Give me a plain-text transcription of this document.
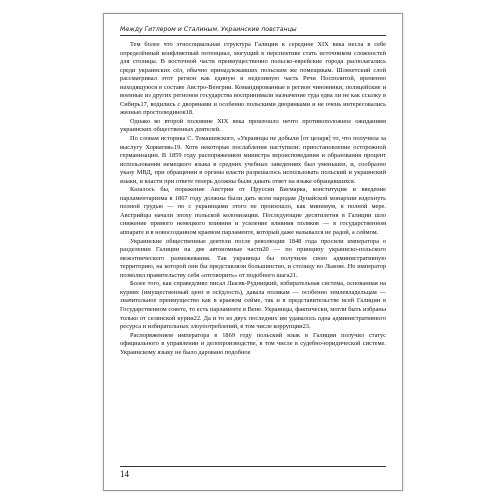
Между Гитлером и Сталиным. Украинские повстанцы

Тем более что этносоциальная структура Галиции к середине XIX века несла в себе определённый конфликтный потенциал, могущий в перспективе стать источником сложностей для столицы. В восточной части преимущественно польско-еврейские города располагались среди украинских сёл, обычно принадлежавших польским же помещикам. Шляхетский слой рассматривал этот регион как единую и неделимую часть Речи Посполитой, временно находящуюся в составе Австро-Венгрии. Командированные в регион чиновники, полицейские и военные из других регионов государства воспринимали назначение туда едва ли не как ссылку в Сибирь17, водились с дворянами и особенно польскими дворянками и не очень интересовались жизнью простолюдинов18.

Однако во второй половине XIX века произошло нечто противоположное ожиданиям украинских общественных деятелей.

По словам историка С. Томашевского, «Украинцы не добыли [от цезаря] то, что получила за выслугу Хорватия»19. Хотя некоторые послабления наступили: приостановление осторожной германизации. В 1859 году распоряжением министра вероисповедания и образования процент использования немецкого языка в средних учебных заведениях был уменьшен, и, сообразно указу МВД, при обращении в органы власти разрешалось использовать польский и украинский языки, и власти при ответе теперь должны были давать ответ на языке обращавшихся.

Казалось бы, поражение Австрии от Пруссии Бисмарка, конституция и введение парламентаризма в 1867 году должны были дать всем народам Дунайской монархии вздохнуть полной грудью — по с украинцами этого не произошло, как минимум, в полной мере. Австрийцы начали эпоху польской колонизации. Последующие десятилетия в Галиции шло снижение прямого немецкого влияния и усиление влияния поляков — в государственном аппарате и в новосозданном краевом парламенте, который даже назывался не радой, а сеймом.

Украинские общественные деятели после революции 1848 года просили императора о разделении Галиции на две автономные части20 — по принципу украинско-польского межэтнического размежевания. Так украинцы бы получили свою административную территорию, на которой они бы представляли большинство, и столицу во Львове. Но император позволил правительству себя «отговорить» от подобного шага21.

Более того, как справедливо писал Лысяк-Рудницкий, избирательная система, основанная на куриях (имущественный ценз и осёдлость), давала полякам — особенно землевладельцам — значительное преимущество как в краевом сейме, так и в представительстве всей Галиции в Государственном совете, то есть парламенте в Вене. Украинцы, фактически, могли быть избраны только от селянской курии22. Да и то из двух последних им удавалось одна административного ресурса и избирательных злоупотреблений, в том числе коррупции23.

Распоряжением императора в 1869 году польский язык в Галиции получил статус официального в управлении и делопроизводстве, в том числе в судебно-юридической системе. Украинскому языку не было даровано подобное

14
